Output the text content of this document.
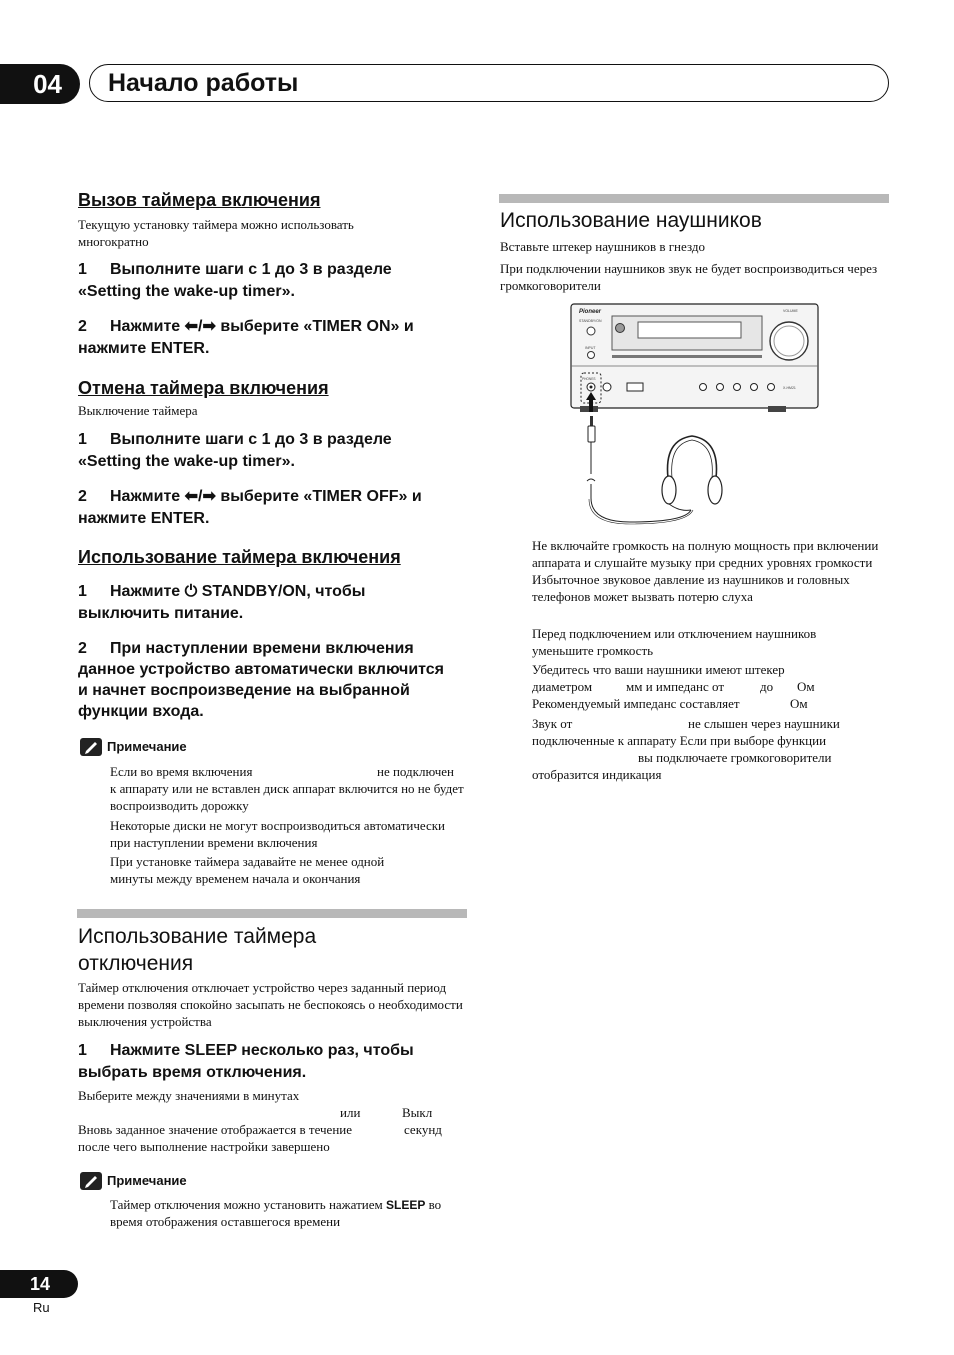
04	Начало работы
Вызов таймера включения
Текущую установку таймера можно использовать многократно
1 Выполните шаги с 1 до 3 в разделе «Setting the wake-up timer».
2 Нажмите ⬅/➡ выберите «TIMER ON» и нажмите ENTER.
Отмена таймера включения
Выключение таймера
1 Выполните шаги с 1 до 3 в разделе «Setting the wake-up timer».
2 Нажмите ⬅/➡ выберите «TIMER OFF» и нажмите ENTER.
Использование таймера включения
1 Нажмите ⏻ STANDBY/ON, чтобы выключить питание.
2 При наступлении времени включения данное устройство автоматически включится и начнет воспроизведение на выбранной функции входа.
Примечание
Если во время включения	не подключен
к аппарату или не вставлен диск аппарат включится но не будет воспроизводить дорожку
Некоторые диски не могут воспроизводиться автоматически при наступлении времени включения
При установке таймера задавайте не менее одной минуты между временем начала и окончания
Использование таймера отключения
Таймер отключения отключает устройство через заданный период времени позволяя спокойно засыпать не беспокоясь о необходимости выключения устройства
1 Нажмите SLEEP несколько раз, чтобы выбрать время отключения.
Выберите между значениями в минутах
или	Выкл
Вновь заданное значение отображается в течение	секунд
после чего выполнение настройки завершено
Примечание
Таймер отключения можно установить нажатием SLEEP во
время отображения оставшегося времени
Использование наушников
Вставьте штекер наушников в гнездо
При подключении наушников звук не будет воспроизводиться через громкоговорители
Pioneer
STANDBY/ON
INPUT
VOLUME
PHONES
X-HM21
Не включайте громкость на полную мощность при включении аппарата и слушайте музыку при средних уровнях громкости Избыточное звуковое давление из наушников и головных телефонов может вызвать потерю слуха
Перед подключением или отключением наушников уменьшите громкость
Убедитесь что ваши наушники имеют штекер
диаметром	мм и импеданс от	до Ом
Рекомендуемый импеданс составляет	Ом
Звук от	не слышен через наушники
подключенные к аппарату Если при выборе функции
вы подключаете громкоговорители
отобразится индикация
14
Ru
